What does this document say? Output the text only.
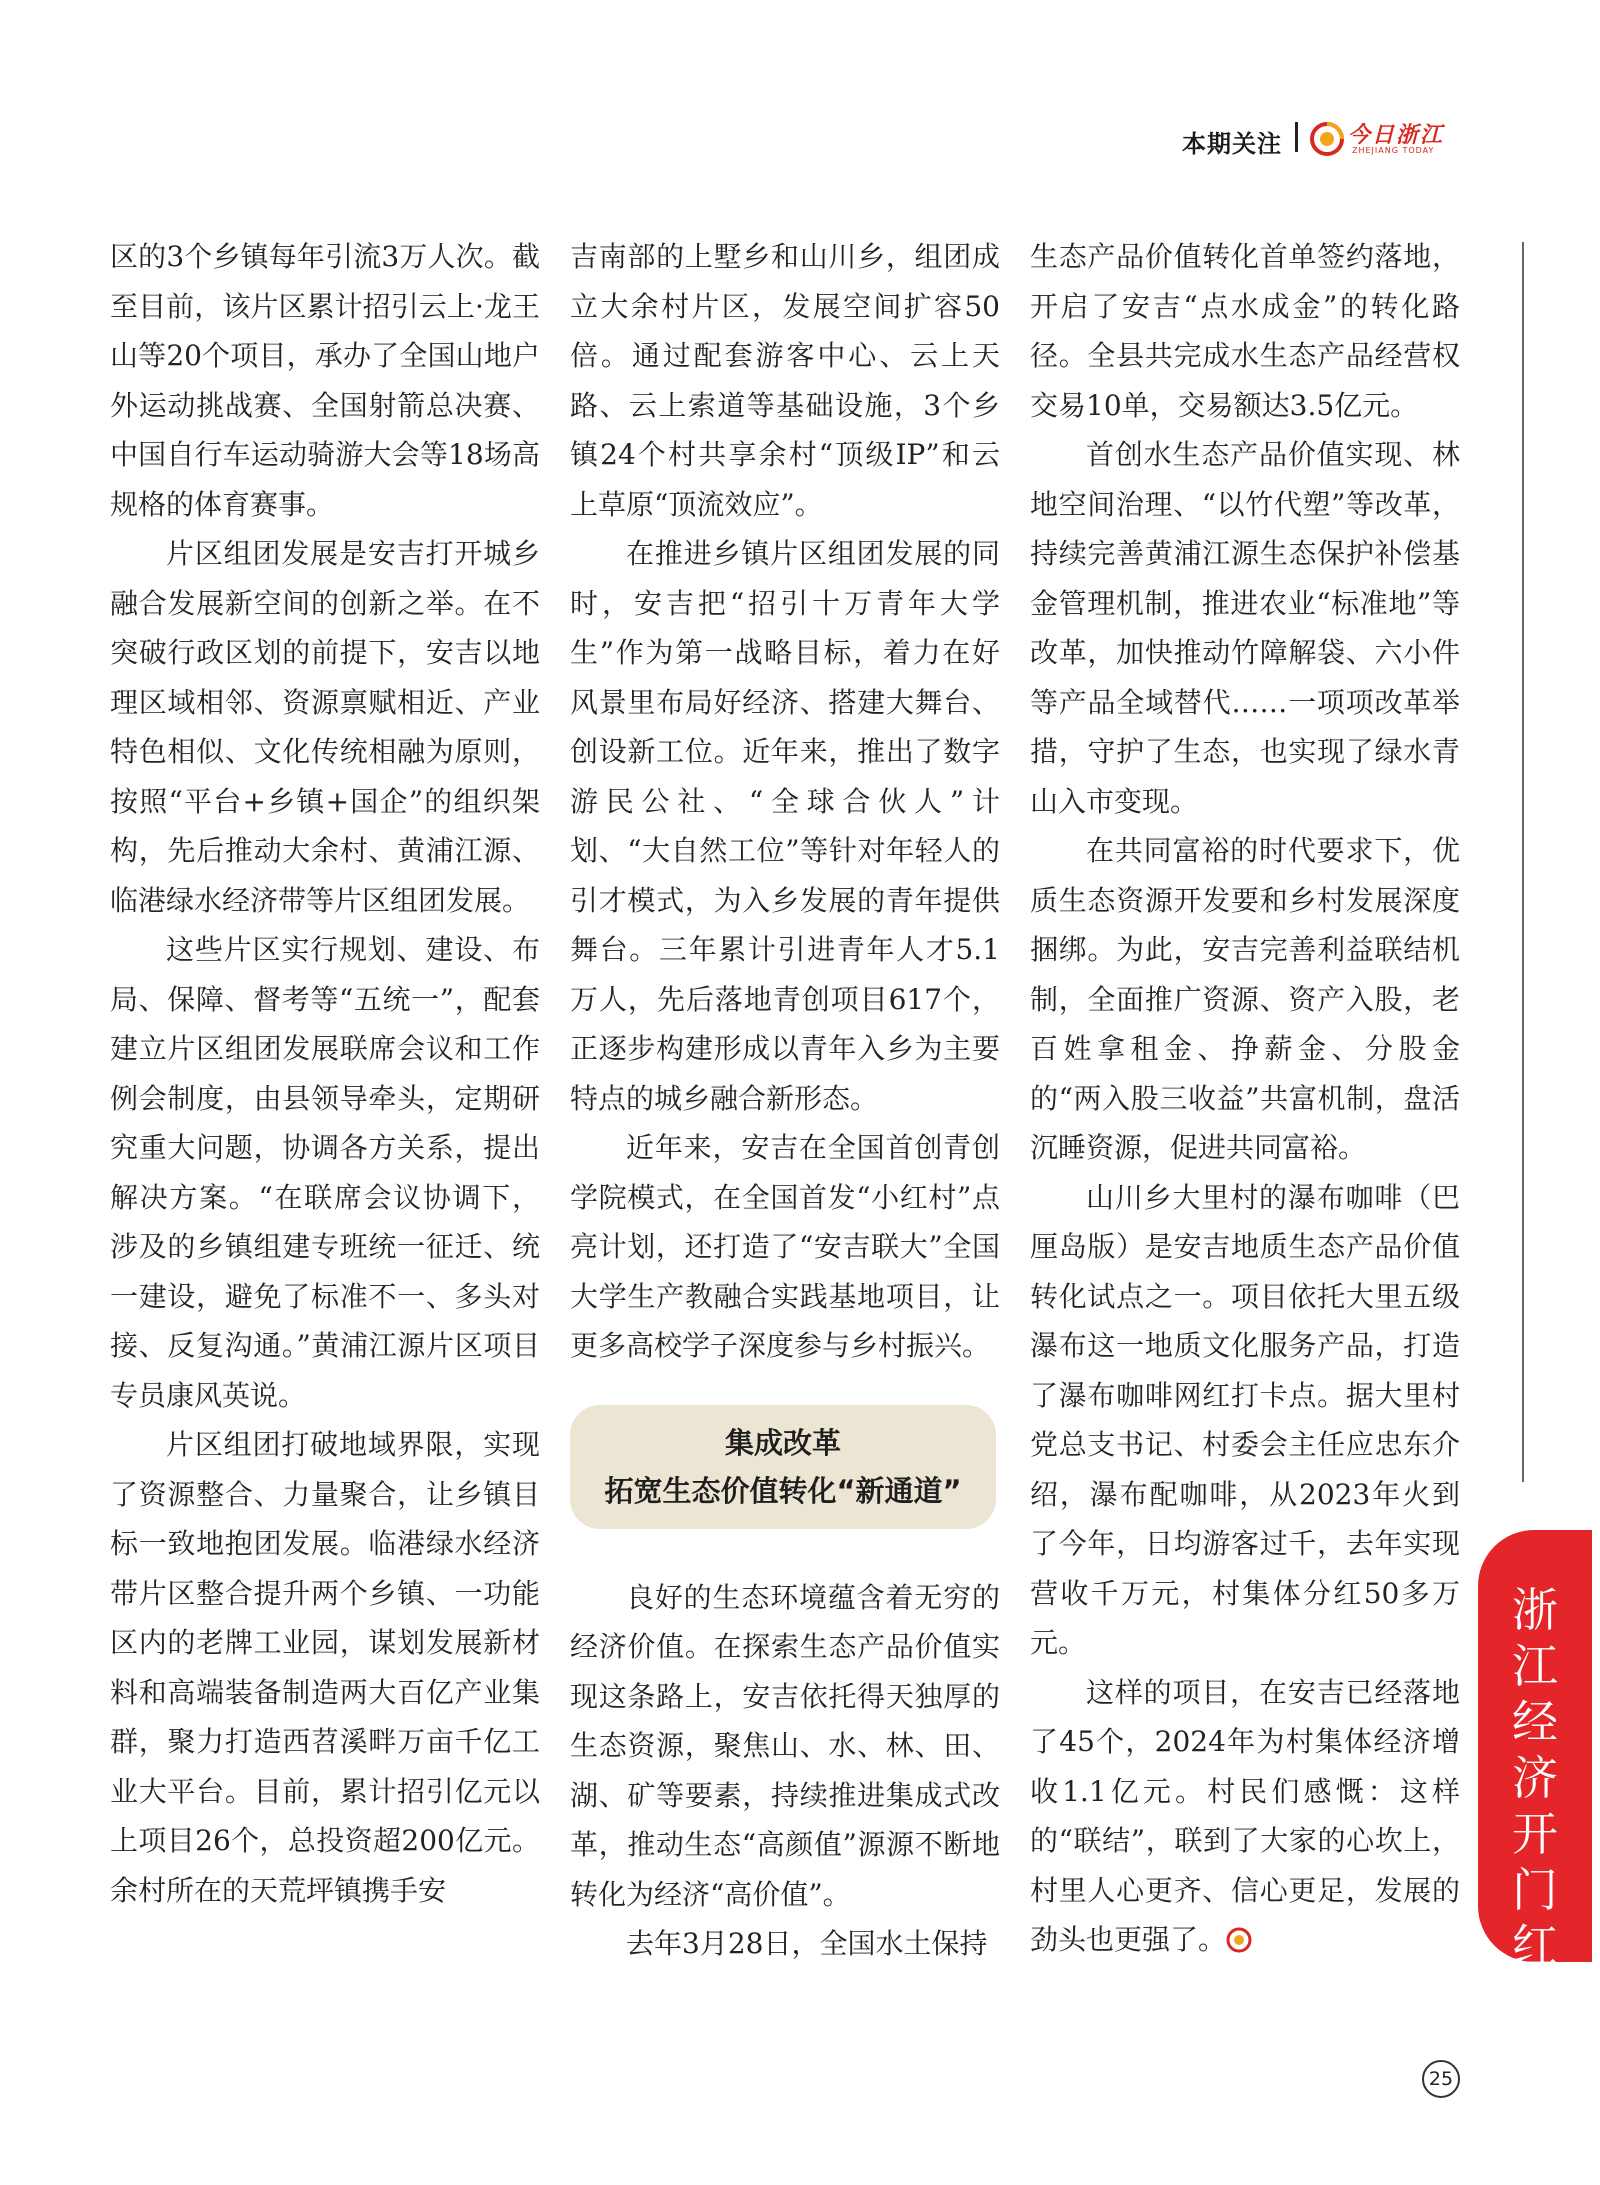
本期关注	今日浙江
ZHEJIANG TODAY

区的3个乡镇每年引流3万人次。截至目前，该片区累计招引云上·龙王山等20个项目，承办了全国山地户外运动挑战赛、全国射箭总决赛、中国自行车运动骑游大会等18场高规格的体育赛事。

片区组团发展是安吉打开城乡融合发展新空间的创新之举。在不突破行政区划的前提下，安吉以地理区域相邻、资源禀赋相近、产业特色相似、文化传统相融为原则，按照“平台+乡镇+国企”的组织架构，先后推动大余村、黄浦江源、临港绿水经济带等片区组团发展。

这些片区实行规划、建设、布局、保障、督考等“五统一”，配套建立片区组团发展联席会议和工作例会制度，由县领导牵头，定期研究重大问题，协调各方关系，提出解决方案。“在联席会议协调下，涉及的乡镇组建专班统一征迁、统一建设，避免了标准不一、多头对接、反复沟通。”黄浦江源片区项目专员康风英说。

片区组团打破地域界限，实现了资源整合、力量聚合，让乡镇目标一致地抱团发展。临港绿水经济带片区整合提升两个乡镇、一功能区内的老牌工业园，谋划发展新材料和高端装备制造两大百亿产业集群，聚力打造西苕溪畔万亩千亿工业大平台。目前，累计招引亿元以上项目26个，总投资超200亿元。余村所在的天荒坪镇携手安

吉南部的上墅乡和山川乡，组团成立大余村片区，发展空间扩容50倍。通过配套游客中心、云上天路、云上索道等基础设施，3个乡镇24个村共享余村“顶级IP”和云上草原“顶流效应”。

在推进乡镇片区组团发展的同时，安吉把“招引十万青年大学生”作为第一战略目标，着力在好风景里布局好经济、搭建大舞台、创设新工位。近年来，推出了数字游民公社、“全球合伙人”计划、“大自然工位”等针对年轻人的引才模式，为入乡发展的青年提供舞台。三年累计引进青年人才5.1万人，先后落地青创项目617个，正逐步构建形成以青年入乡为主要特点的城乡融合新形态。

近年来，安吉在全国首创青创学院模式，在全国首发“小红村”点亮计划，还打造了“安吉联大”全国大学生产教融合实践基地项目，让更多高校学子深度参与乡村振兴。

集成改革
拓宽生态价值转化“新通道”

良好的生态环境蕴含着无穷的经济价值。在探索生态产品价值实现这条路上，安吉依托得天独厚的生态资源，聚焦山、水、林、田、湖、矿等要素，持续推进集成式改革，推动生态“高颜值”源源不断地转化为经济“高价值”。

去年3月28日，全国水土保持

生态产品价值转化首单签约落地，开启了安吉“点水成金”的转化路径。全县共完成水生态产品经营权交易10单，交易额达3.5亿元。

首创水生态产品价值实现、林地空间治理、“以竹代塑”等改革，持续完善黄浦江源生态保护补偿基金管理机制，推进农业“标准地”等改革，加快推动竹障解袋、六小件等产品全域替代……一项项改革举措，守护了生态，也实现了绿水青山入市变现。

在共同富裕的时代要求下，优质生态资源开发要和乡村发展深度捆绑。为此，安吉完善利益联结机制，全面推广资源、资产入股，老百姓拿租金、挣薪金、分股金的“两入股三收益”共富机制，盘活沉睡资源，促进共同富裕。

山川乡大里村的瀑布咖啡（巴厘岛版）是安吉地质生态产品价值转化试点之一。项目依托大里五级瀑布这一地质文化服务产品，打造了瀑布咖啡网红打卡点。据大里村党总支书记、村委会主任应忠东介绍，瀑布配咖啡，从2023年火到了今年，日均游客过千，去年实现营收千万元，村集体分红50多万元。

这样的项目，在安吉已经落地了45个，2024年为村集体经济增收1.1亿元。村民们感慨：这样的“联结”，联到了大家的心坎上，村里人心更齐、信心更足，发展的劲头也更强了。

浙
江
经
济
开
门
红
25
